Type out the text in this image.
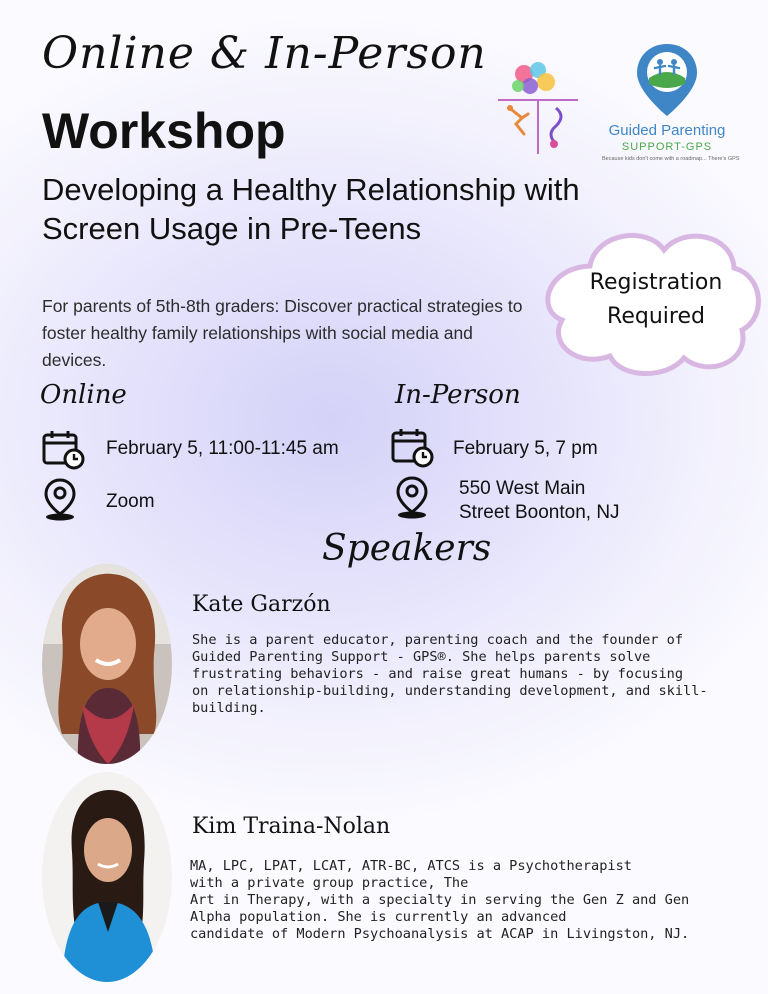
Online & In-Person
Workshop
Developing a Healthy Relationship with Screen Usage in Pre-Teens
For parents of 5th-8th graders: Discover practical strategies to foster healthy family relationships with social media and devices.
Guided Parenting
SUPPORT-GPS
Because kids don't come with a roadmap... There's GPS
Registration Required
Online
February 5, 11:00-11:45 am
Zoom
In-Person
February 5, 7 pm
550 West Main
Street Boonton, NJ
Speakers
Kate Garzón
She is a parent educator, parenting coach and the founder of
Guided Parenting Support - GPS®. She helps parents solve
frustrating behaviors - and raise great humans - by focusing
on relationship-building, understanding development, and skill-
building.
Kim Traina-Nolan
MA, LPC, LPAT, LCAT, ATR-BC, ATCS is a Psychotherapist
with a private group practice, The
Art in Therapy, with a specialty in serving the Gen Z and Gen
Alpha population. She is currently an advanced
candidate of Modern Psychoanalysis at ACAP in Livingston, NJ.
